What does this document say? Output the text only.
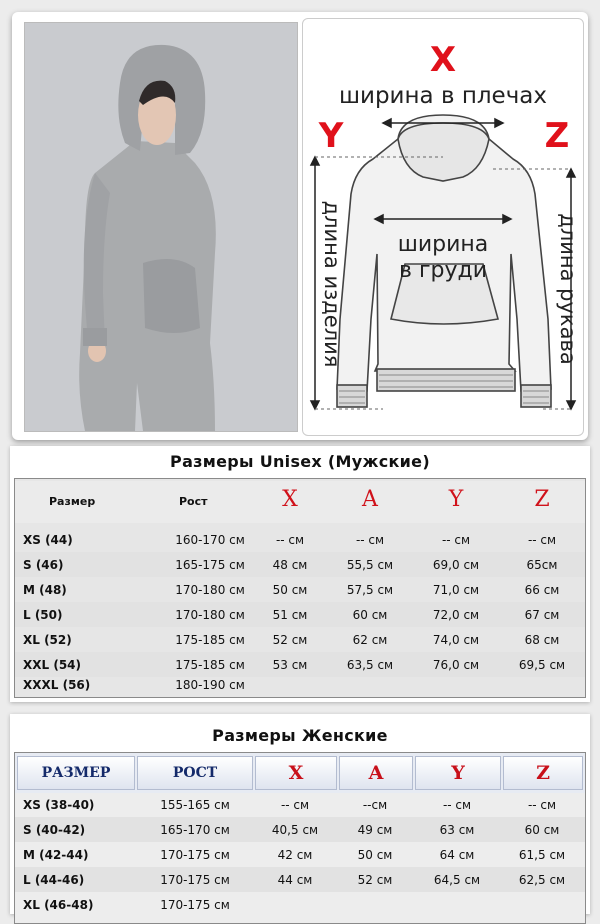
X
Y	Z
ширина в плечах
ширина
в груди
длина изделия	длина рукава
Размеры Unisex (Мужские)
Размер	Рост	X	A	Y	Z
XS (44)	160-170 см	-- см	-- см	-- см	-- см
S (46)	165-175 см	48 см	55,5 см	69,0 см	65см
M (48)	170-180 см	50 см	57,5 см	71,0 см	66 см
L (50)	170-180 см	51 см	60 см	72,0 см	67 см
XL (52)	175-185 см	52 см	62 см	74,0 см	68 см
XXL (54)	175-185 см	53 см	63,5 см	76,0 см	69,5 см
XXXL (56)	180-190 см
Размеры Женские
РАЗМЕР	РОСТ	X	A	Y	Z
XS (38-40)	155-165 см	-- см	--см	-- см	-- см
S (40-42)	165-170 см	40,5 см	49 см	63 см	60 см
M (42-44)	170-175 см	42 см	50 см	64 см	61,5 см
L (44-46)	170-175 см	44 см	52 см	64,5 см	62,5 см
XL (46-48)	170-175 см
